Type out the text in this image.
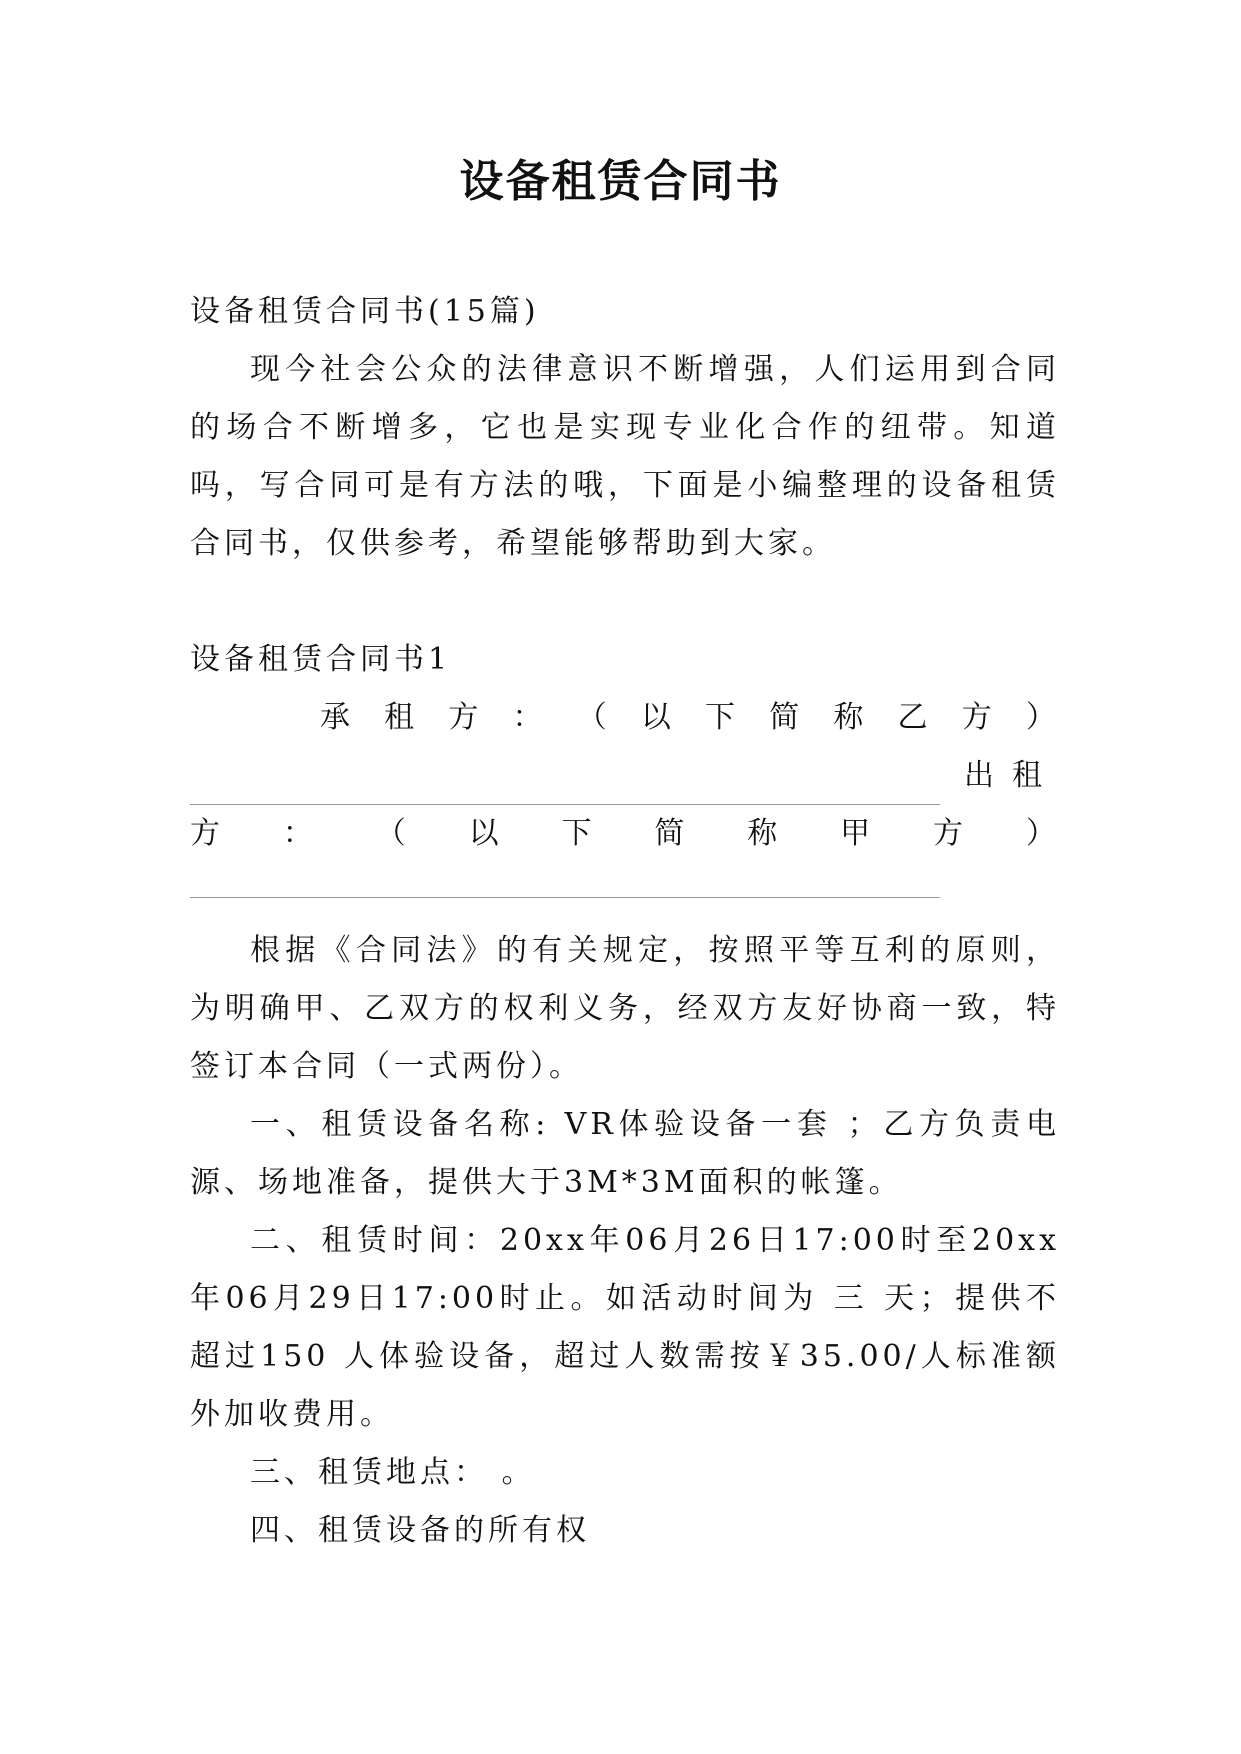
设备租赁合同书

设备租赁合同书(15篇)

现今社会公众的法律意识不断增强，人们运用到合同的场合不断增多，它也是实现专业化合作的纽带。知道吗，写合同可是有方法的哦，下面是小编整理的设备租赁合同书，仅供参考，希望能够帮助到大家。

设备租赁合同书1

承 租 方 ： （ 以 下 简 称 乙 方 ）
出租
方 ： （ 以 下 简 称 甲 方 ）

根据《合同法》的有关规定，按照平等互利的原则，为明确甲、乙双方的权利义务，经双方友好协商一致，特签订本合同（一式两份）。

一、租赁设备名称: VR体验设备一套 ；乙方负责电源、场地准备，提供大于3M*3M面积的帐篷。

二、租赁时间：20xx年06月26日17:00时至20xx年06月29日17:00时止。如活动时间为 三 天；提供不超过150 人体验设备，超过人数需按￥35.00/人标准额外加收费用。

三、租赁地点： 。

四、租赁设备的所有权
